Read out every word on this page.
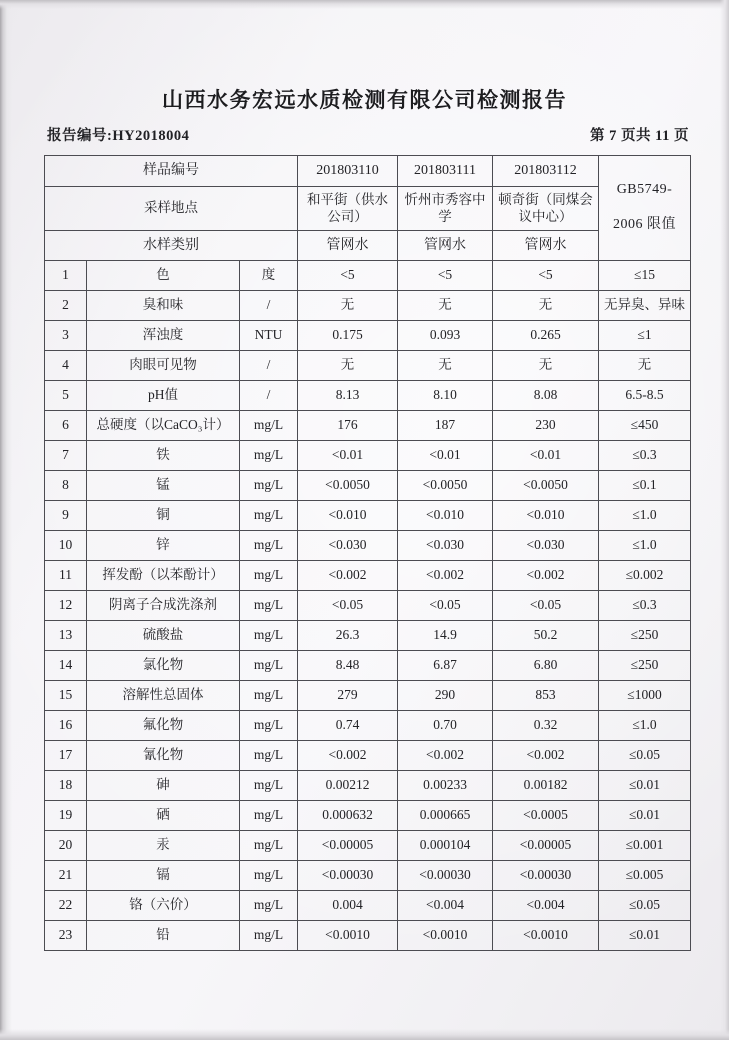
山西水务宏远水质检测有限公司检测报告
报告编号:HY2018004	第 7 页共 11 页
样品编号			201803110	201803111	201803112	GB5749-
2006 限值

采样地点			和平街（供水公司）	忻州市秀容中学	顿奇街（同煤会议中心）	
水样类别			管网水	管网水	管网水	
1	色	度	<5	<5	<5	≤15
2	臭和味	/	无	无	无	无异臭、异味
3	浑浊度	NTU	0.175	0.093	0.265	≤1
4	肉眼可见物	/	无	无	无	无
5	pH值	/	8.13	8.10	8.08	6.5-8.5
6	总硬度（以CaCO₃计）	mg/L	176	187	230	≤450
7	铁	mg/L	<0.01	<0.01	<0.01	≤0.3
8	锰	mg/L	<0.0050	<0.0050	<0.0050	≤0.1
9	铜	mg/L	<0.010	<0.010	<0.010	≤1.0
10	锌	mg/L	<0.030	<0.030	<0.030	≤1.0
11	挥发酚（以苯酚计）	mg/L	<0.002	<0.002	<0.002	≤0.002
12	阴离子合成洗涤剂	mg/L	<0.05	<0.05	<0.05	≤0.3
13	硫酸盐	mg/L	26.3	14.9	50.2	≤250
14	氯化物	mg/L	8.48	6.87	6.80	≤250
15	溶解性总固体	mg/L	279	290	853	≤1000
16	氟化物	mg/L	0.74	0.70	0.32	≤1.0
17	氰化物	mg/L	<0.002	<0.002	<0.002	≤0.05
18	砷	mg/L	0.00212	0.00233	0.00182	≤0.01
19	硒	mg/L	0.000632	0.000665	<0.0005	≤0.01
20	汞	mg/L	<0.00005	0.000104	<0.00005	≤0.001
21	镉	mg/L	<0.00030	<0.00030	<0.00030	≤0.005
22	铬（六价）	mg/L	0.004	<0.004	<0.004	≤0.05
23	铅	mg/L	<0.0010	<0.0010	<0.0010	≤0.01
